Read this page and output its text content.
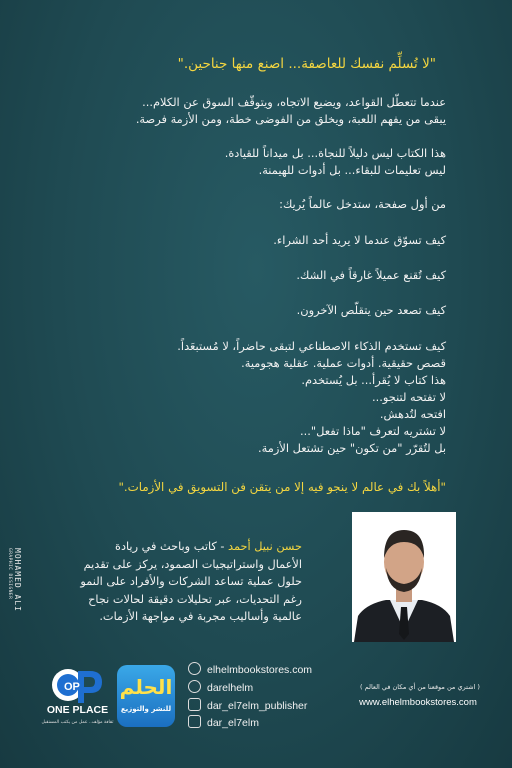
"لا تُسلِّم نفسك للعاصفة... اصنع منها جناحين."

عندما تتعطّل القواعد، ويضيع الاتجاه، ويتوقّف السوق عن الكلام...
يبقى من يفهم اللعبة، ويخلق من الفوضى خطة، ومن الأزمة فرصة.
هذا الكتاب ليس دليلاً للنجاة... بل ميداناً للقيادة.
ليس تعليمات للبقاء... بل أدوات للهيمنة.
من أول صفحة، ستدخل عالماً يُريك:
كيف تسوّق عندما لا يريد أحد الشراء.
كيف تُقنع عميلاً غارقاً في الشك.
كيف تصعد حين يتقلّص الآخرون.
كيف تستخدم الذكاء الاصطناعي لتبقى حاضراً، لا مُستبعَداً.
قصص حقيقية. أدوات عملية. عقلية هجومية.
هذا كتاب لا يُقرأ... بل يُستخدم.
لا تفتحه لتنجو...
افتحه لتُدهش.
لا تشتريه لتعرف "ماذا تفعل"...
بل لتُقرّر "من تكون" حين تشتعل الأزمة.

"أهلاً بك في عالم لا ينجو فيه إلا من يتقن فن التسويق في الأزمات."

حسن نبيل أحمد - كاتب وباحث في ريادة
الأعمال واستراتيجيات الصمود، يركز على تقديم
حلول عملية تساعد الشركات والأفراد على النمو
رغم التحديات، عبر تحليلات دقيقة لحالات نجاح
عالمية وأساليب مجربة في مواجهة الأزمات.
MOHAMED ALI
GRAPHIC DESIGNER
OP
ONE PLACE
ثقافة مؤلف.. عمل من يكتب المستقبل
الحلم
للنشر والتوزيع
elhelmbookstores.com
darelhelm
dar_el7elm_publisher
dar_el7elm
( اشتري من موقعنا من أي مكان في العالم )
www.elhelmbookstores.com
